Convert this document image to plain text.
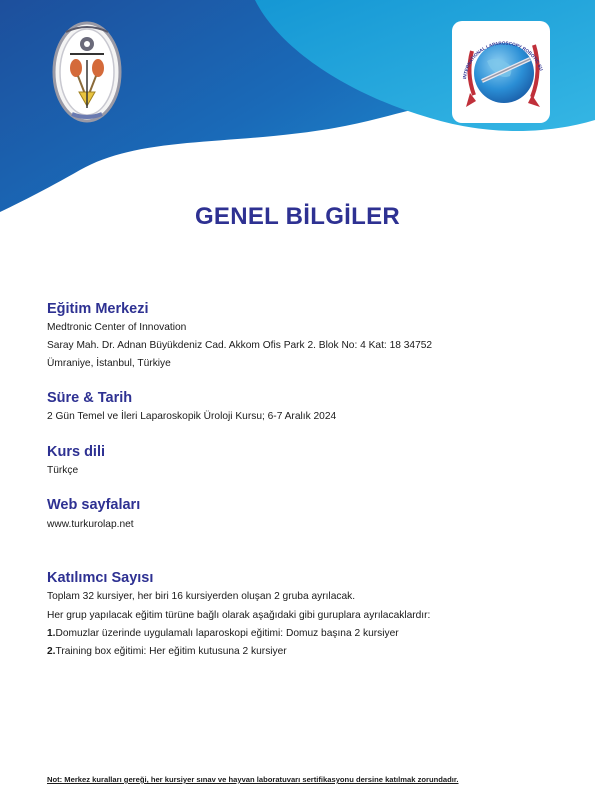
INTERNATIONAL LAPAROSCOPY ROBOTIC SU
GENEL BİLGİLER
Eğitim Merkezi
Medtronic Center of Innovation
Saray Mah. Dr. Adnan Büyükdeniz Cad. Akkom Ofis Park 2. Blok No: 4 Kat: 18 34752
Ümraniye, İstanbul, Türkiye
Süre & Tarih
2 Gün Temel ve İleri Laparoskopik Üroloji Kursu; 6-7 Aralık 2024
Kurs dili
Türkçe
Web sayfaları
www.turkurolap.net
Katılımcı Sayısı
Toplam 32 kursiyer, her biri 16 kursiyerden oluşan 2 gruba ayrılacak.
Her grup yapılacak eğitim türüne bağlı olarak aşağıdaki gibi guruplara ayrılacaklardır:
1.Domuzlar üzerinde uygulamalı laparoskopi eğitimi: Domuz başına 2 kursiyer
2.Training box eğitimi: Her eğitim kutusuna 2 kursiyer
Not: Merkez kuralları gereği, her kursiyer sınav ve hayvan laboratuvarı sertifikasyonu dersine katılmak zorundadır.
